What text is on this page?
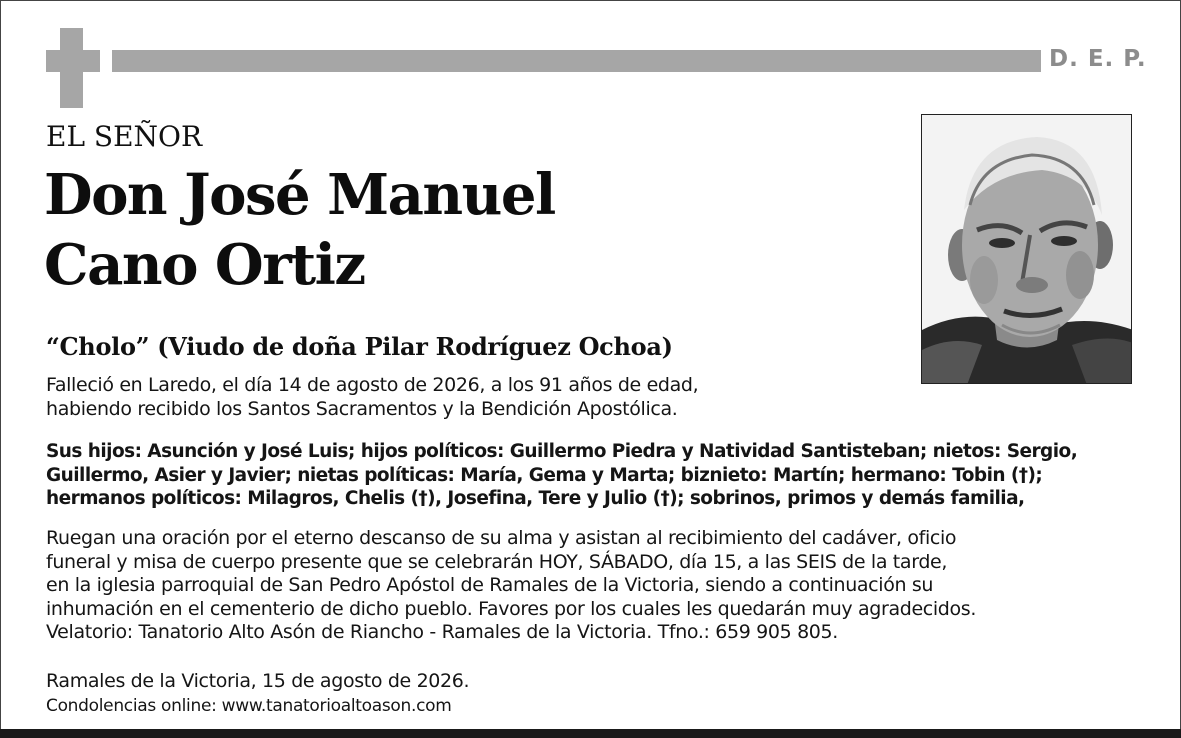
D. E. P.
EL SEÑOR
Don José Manuel
Cano Ortiz
“Cholo” (Viudo de doña Pilar Rodríguez Ochoa)
Falleció en Laredo, el día 14 de agosto de 2026, a los 91 años de edad,
habiendo recibido los Santos Sacramentos y la Bendición Apostólica.
Sus hijos: Asunción y José Luis; hijos políticos: Guillermo Piedra y Natividad Santisteban; nietos: Sergio,
Guillermo, Asier y Javier; nietas políticas: María, Gema y Marta; biznieto: Martín; hermano: Tobin (†);
hermanos políticos: Milagros, Chelis (†), Josefina, Tere y Julio (†); sobrinos, primos y demás familia,
Ruegan una oración por el eterno descanso de su alma y asistan al recibimiento del cadáver, oficio
funeral y misa de cuerpo presente que se celebrarán HOY, SÁBADO, día 15, a las SEIS de la tarde,
en la iglesia parroquial de San Pedro Apóstol de Ramales de la Victoria, siendo a continuación su
inhumación en el cementerio de dicho pueblo. Favores por los cuales les quedarán muy agradecidos.
Velatorio: Tanatorio Alto Asón de Riancho - Ramales de la Victoria. Tfno.: 659 905 805.
Ramales de la Victoria, 15 de agosto de 2026.
Condolencias online: www.tanatorioaltoason.com
